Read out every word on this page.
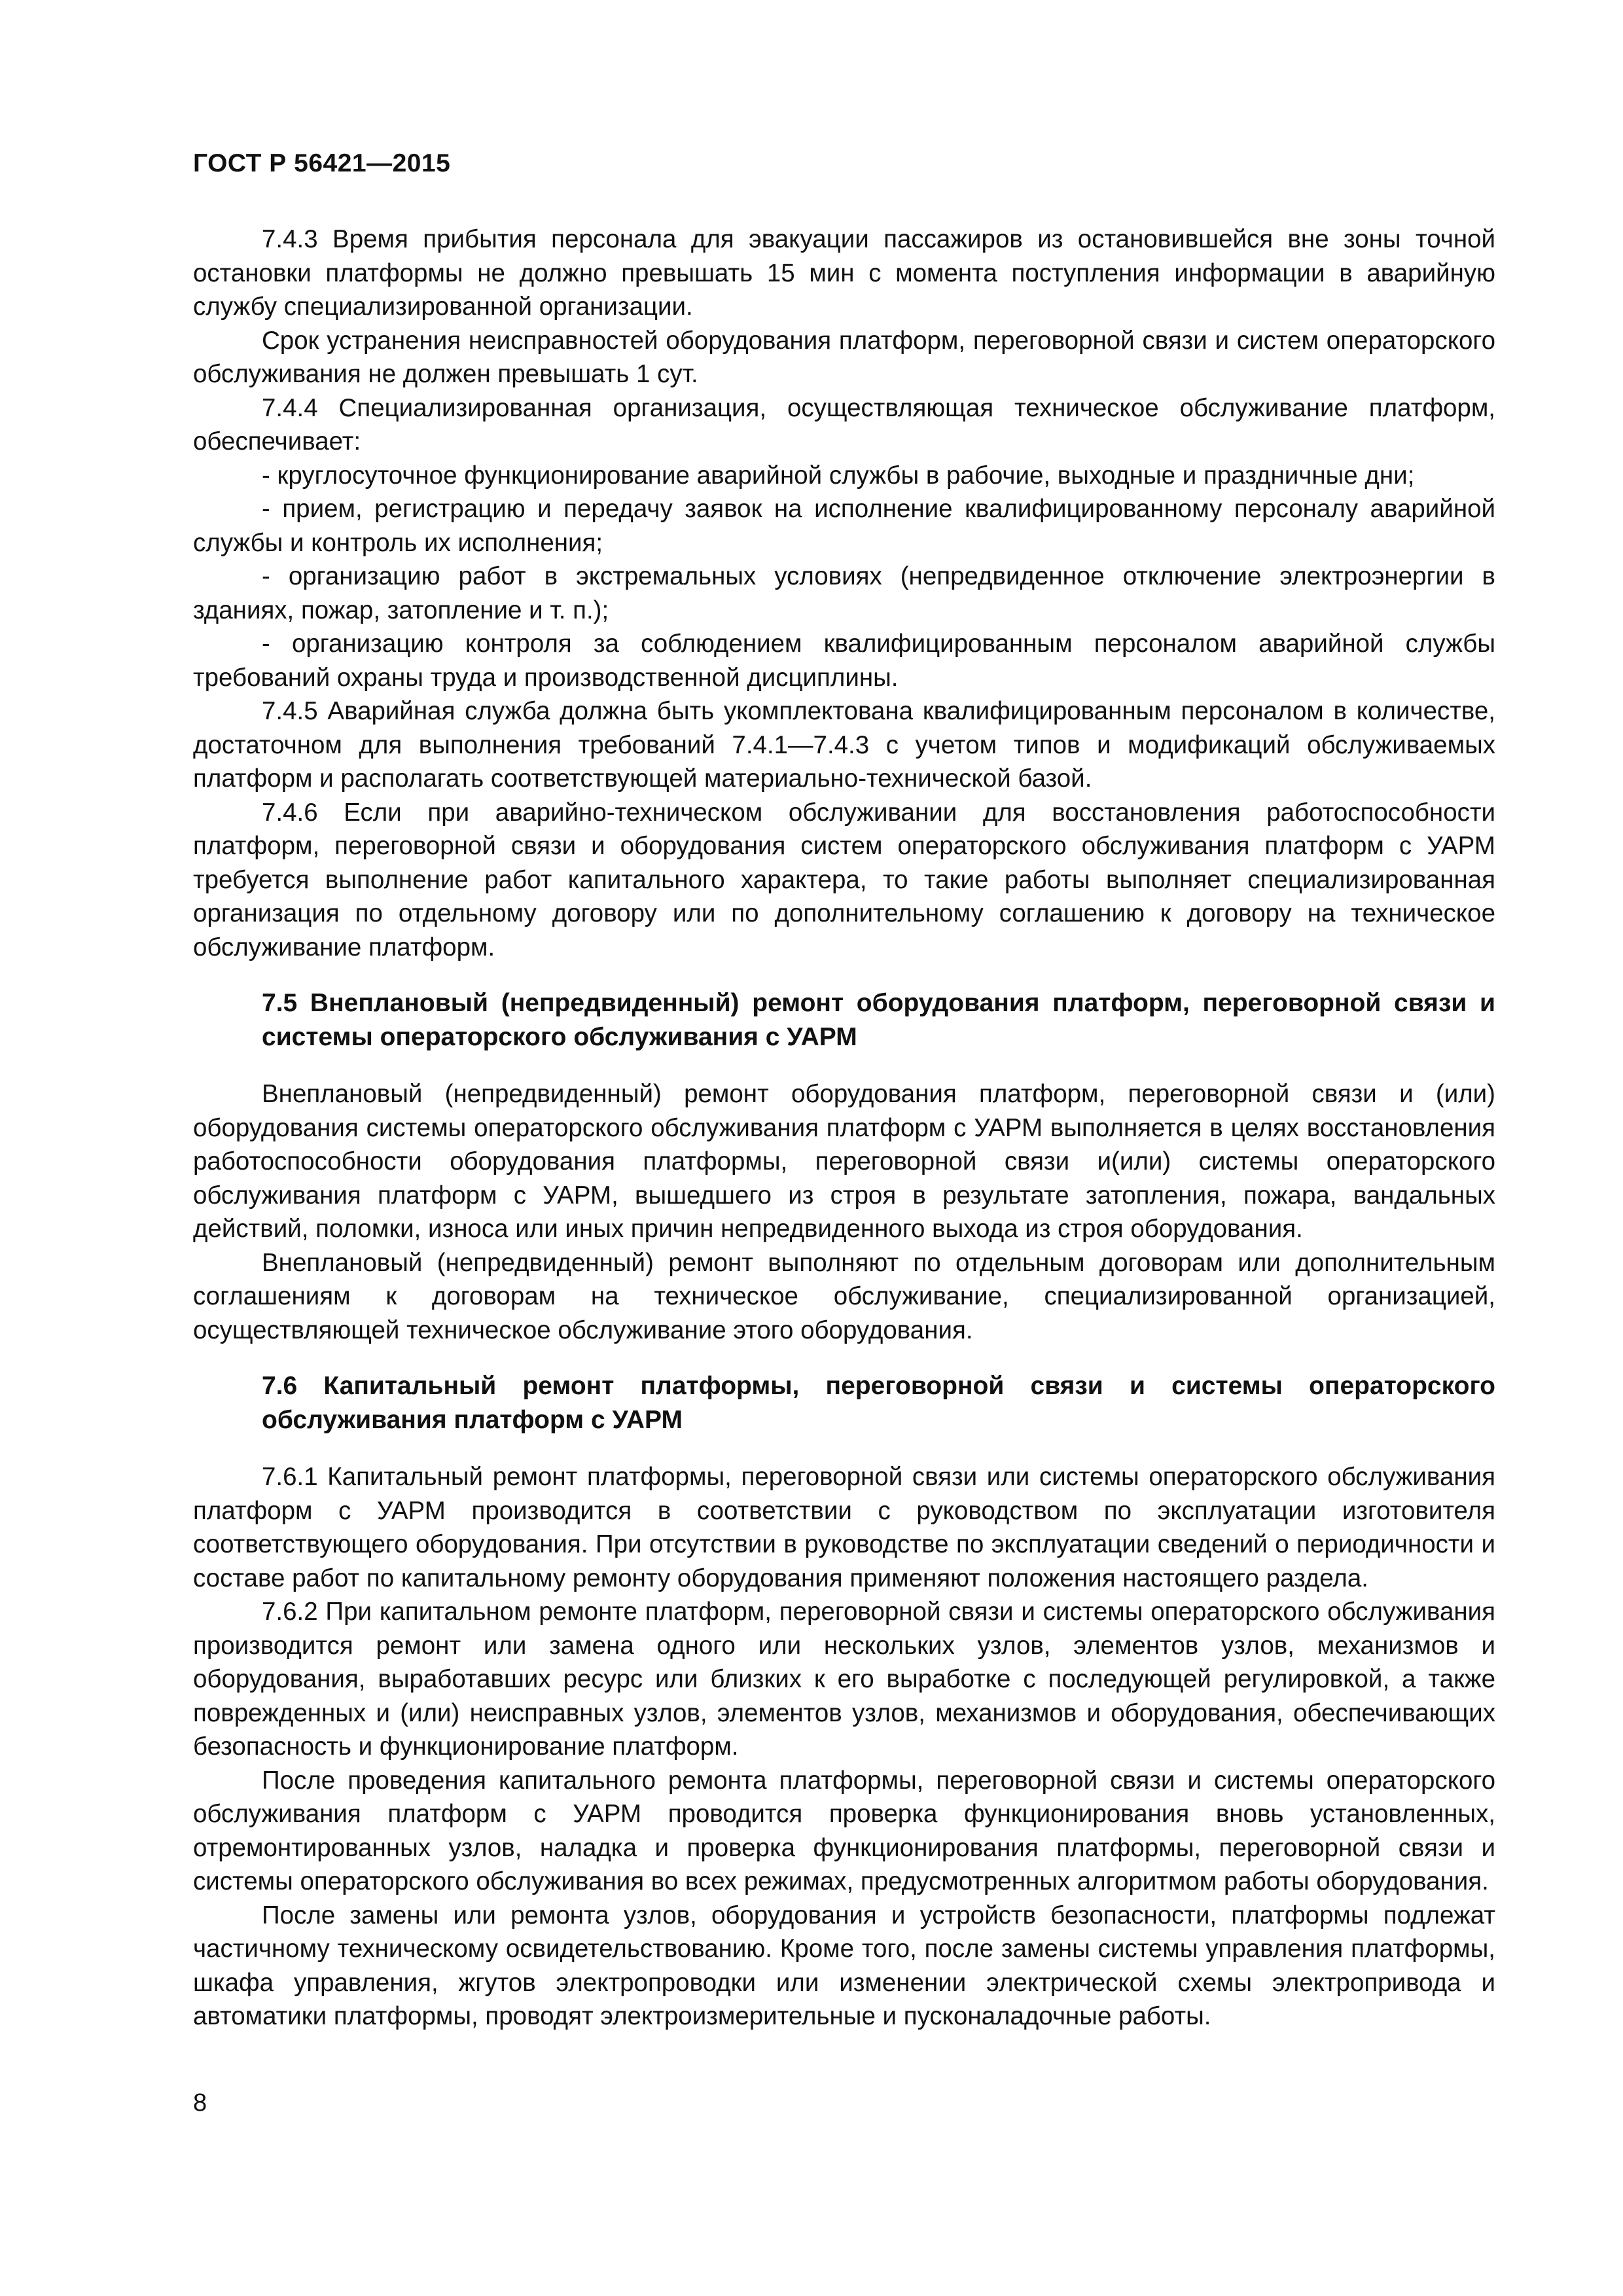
ГОСТ Р 56421—2015

7.4.3 Время прибытия персонала для эвакуации пассажиров из остановившейся вне зоны точной остановки платформы не должно превышать 15 мин с момента поступления информации в аварийную службу специализированной организации.

Срок устранения неисправностей оборудования платформ, переговорной связи и систем операторского обслуживания не должен превышать 1 сут.

7.4.4 Специализированная организация, осуществляющая техническое обслуживание платформ, обеспечивает:

- круглосуточное функционирование аварийной службы в рабочие, выходные и праздничные дни;

- прием, регистрацию и передачу заявок на исполнение квалифицированному персоналу аварийной службы и контроль их исполнения;

- организацию работ в экстремальных условиях (непредвиденное отключение электроэнергии в зданиях, пожар, затопление и т. п.);

- организацию контроля за соблюдением квалифицированным персоналом аварийной службы требований охраны труда и производственной дисциплины.

7.4.5 Аварийная служба должна быть укомплектована квалифицированным персоналом в количестве, достаточном для выполнения требований 7.4.1—7.4.3 с учетом типов и модификаций обслуживаемых платформ и располагать соответствующей материально-технической базой.

7.4.6 Если при аварийно-техническом обслуживании для восстановления работоспособности платформ, переговорной связи и оборудования систем операторского обслуживания платформ с УАРМ требуется выполнение работ капитального характера, то такие работы выполняет специализированная организация по отдельному договору или по дополнительному соглашению к договору на техническое обслуживание платформ.

7.5 Внеплановый (непредвиденный) ремонт оборудования платформ, переговорной связи и системы операторского обслуживания с УАРМ

Внеплановый (непредвиденный) ремонт оборудования платформ, переговорной связи и (или) оборудования системы операторского обслуживания платформ с УАРМ выполняется в целях восстановления работоспособности оборудования платформы, переговорной связи и(или) системы операторского обслуживания платформ с УАРМ, вышедшего из строя в результате затопления, пожара, вандальных действий, поломки, износа или иных причин непредвиденного выхода из строя оборудования.

Внеплановый (непредвиденный) ремонт выполняют по отдельным договорам или дополнительным соглашениям к договорам на техническое обслуживание, специализированной организацией, осуществляющей техническое обслуживание этого оборудования.

7.6 Капитальный ремонт платформы, переговорной связи и системы операторского обслуживания платформ с УАРМ

7.6.1 Капитальный ремонт платформы, переговорной связи или системы операторского обслуживания платформ с УАРМ производится в соответствии с руководством по эксплуатации изготовителя соответствующего оборудования. При отсутствии в руководстве по эксплуатации сведений о периодичности и составе работ по капитальному ремонту оборудования применяют положения настоящего раздела.

7.6.2 При капитальном ремонте платформ, переговорной связи и системы операторского обслуживания производится ремонт или замена одного или нескольких узлов, элементов узлов, механизмов и оборудования, выработавших ресурс или близких к его выработке с последующей регулировкой, а также поврежденных и (или) неисправных узлов, элементов узлов, механизмов и оборудования, обеспечивающих безопасность и функционирование платформ.

После проведения капитального ремонта платформы, переговорной связи и системы операторского обслуживания платформ с УАРМ проводится проверка функционирования вновь установленных, отремонтированных узлов, наладка и проверка функционирования платформы, переговорной связи и системы операторского обслуживания во всех режимах, предусмотренных алгоритмом работы оборудования.

После замены или ремонта узлов, оборудования и устройств безопасности, платформы подлежат частичному техническому освидетельствованию. Кроме того, после замены системы управления платформы, шкафа управления, жгутов электропроводки или изменении электрической схемы электропривода и автоматики платформы, проводят электроизмерительные и пусконаладочные работы.

8
